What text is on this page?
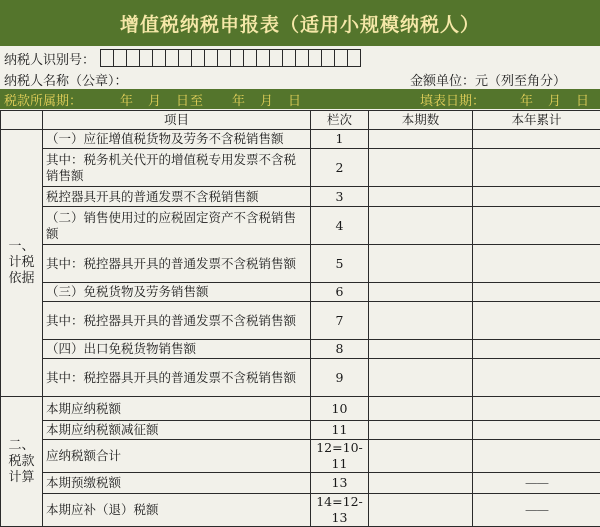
增值税纳税申报表（适用小规模纳税人）
纳税人识别号：
纳税人名称（公章）：	金额单位：元（列至角分）
税款所属期：	年　月　日至　　年　月　日	填表日期：	年　月　日
	项目	栏次	本期数	本年累计
一、计税依据	（一）应征增值税货物及劳务不含税销售额	1		
	其中：税务机关代开的增值税专用发票不含税销售额	2		
	税控器具开具的普通发票不含税销售额	3		
	（二）销售使用过的应税固定资产不含税销售额	4		
	其中：税控器具开具的普通发票不含税销售额	5		
	（三）免税货物及劳务销售额	6		
	其中：税控器具开具的普通发票不含税销售额	7		
	（四）出口免税货物销售额	8		
	其中：税控器具开具的普通发票不含税销售额	9		
二、税款计算	本期应纳税额	10		
	本期应纳税额减征额	11		
	应纳税额合计	12=10-11		
	本期预缴税额	13		——
	本期应补（退）税额	14=12-13		——
